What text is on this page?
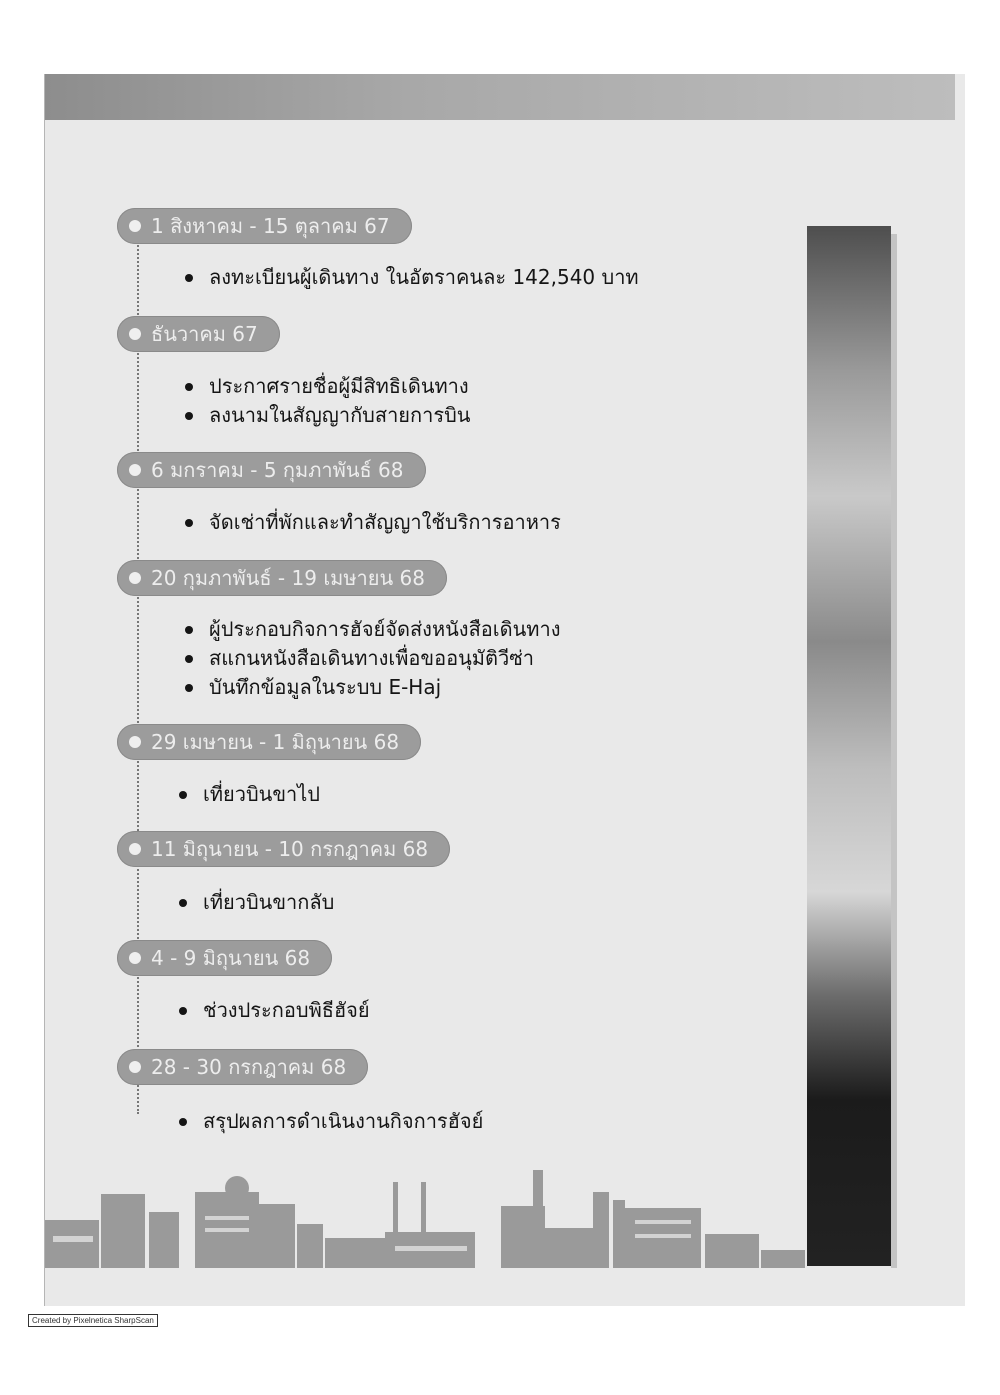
1 สิงหาคม - 15 ตุลาคม 67
ลงทะเบียนผู้เดินทาง ในอัตราคนละ 142,540 บาท
ธันวาคม 67
ประกาศรายชื่อผู้มีสิทธิเดินทาง
ลงนามในสัญญากับสายการบิน
6 มกราคม - 5 กุมภาพันธ์ 68
จัดเช่าที่พักและทำสัญญาใช้บริการอาหาร
20 กุมภาพันธ์ - 19 เมษายน 68
ผู้ประกอบกิจการฮัจย์จัดส่งหนังสือเดินทาง
สแกนหนังสือเดินทางเพื่อขออนุมัติวีซ่า
บันทึกข้อมูลในระบบ E-Haj
29 เมษายน - 1 มิถุนายน 68
เที่ยวบินขาไป
11 มิถุนายน - 10 กรกฎาคม 68
เที่ยวบินขากลับ
4 - 9 มิถุนายน 68
ช่วงประกอบพิธีฮัจย์
28 - 30 กรกฎาคม 68
สรุปผลการดำเนินงานกิจการฮัจย์
Created by Pixelnetica SharpScan
